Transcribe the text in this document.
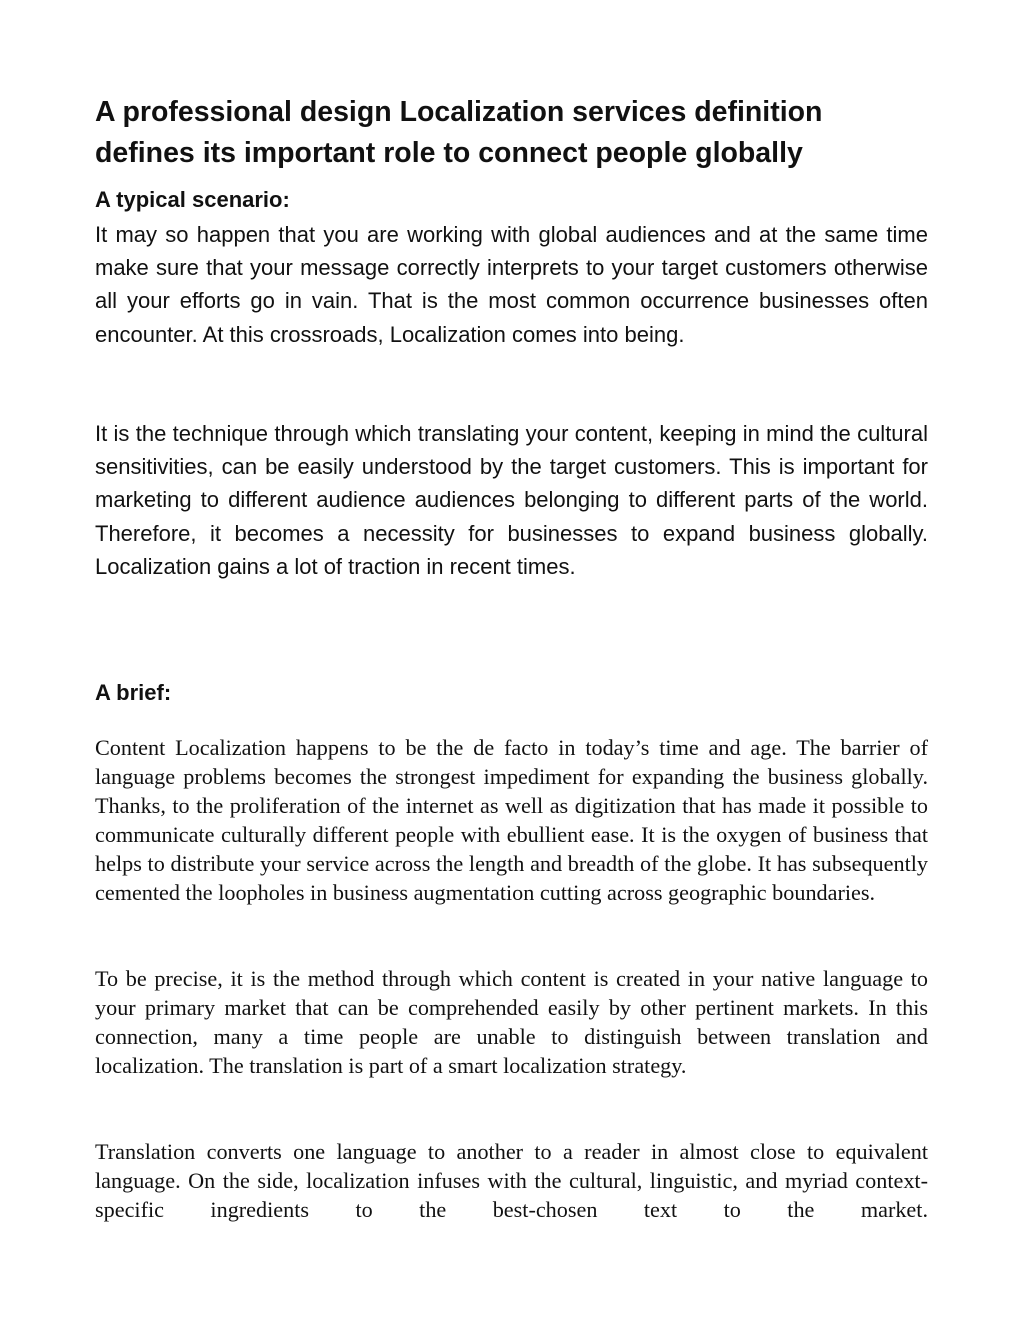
A professional design Localization services definition defines its important role to connect people globally
A typical scenario:

It may so happen that you are working with global audiences and at the same time make sure that your message correctly interprets to your target customers otherwise all your efforts go in vain. That is the most common occurrence businesses often encounter. At this crossroads, Localization comes into being.

It is the technique through which translating your content, keeping in mind the cultural sensitivities, can be easily understood by the target customers. This is important for marketing to different audience audiences belonging to different parts of the world. Therefore, it becomes a necessity for businesses to expand business globally. Localization gains a lot of traction in recent times.

A brief:

Content Localization happens to be the de facto in today’s time and age. The barrier of language problems becomes the strongest impediment for expanding the business globally. Thanks, to the proliferation of the internet as well as digitization that has made it possible to communicate culturally different people with ebullient ease. It is the oxygen of business that helps to distribute your service across the length and breadth of the globe. It has subsequently cemented the loopholes in business augmentation cutting across geographic boundaries.

To be precise, it is the method through which content is created in your native language to your primary market that can be comprehended easily by other pertinent markets. In this connection, many a time people are unable to distinguish between translation and localization. The translation is part of a smart localization strategy.

Translation converts one language to another to a reader in almost close to equivalent language. On the side, localization infuses with the cultural, linguistic, and myriad context-specific ingredients to the best-chosen text to the market.
